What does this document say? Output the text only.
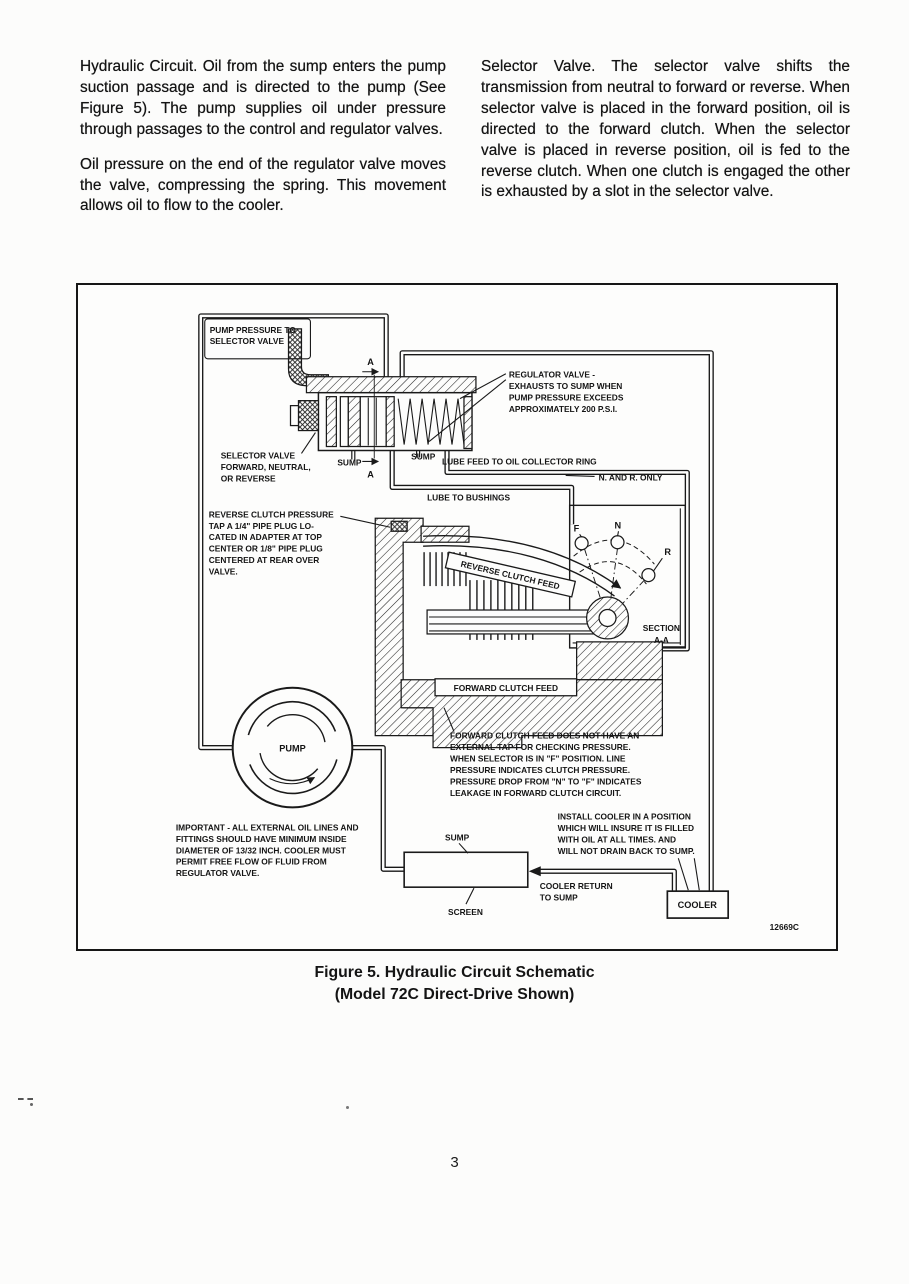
Hydraulic Circuit. Oil from the sump enters the pump suction passage and is directed to the pump (See Figure 5). The pump supplies oil under pressure through passages to the control and regulator valves.

Oil pressure on the end of the regulator valve moves the valve, compressing the spring. This movement allows oil to flow to the cooler.

Selector Valve. The selector valve shifts the transmission from neutral to forward or reverse. When selector valve is placed in the forward position, oil is directed to the forward clutch. When the selector valve is placed in reverse position, oil is fed to the reverse clutch. When one clutch is engaged the other is exhausted by a slot in the selector valve.

PUMP PRESSURE TO
SELECTOR VALVE
A
A
REVERSE CLUTCH FEED
FORWARD CLUTCH FEED
F	N
R
SECTION
A-A
PUMP
SUMP
SCREEN
COOLER
COOLER RETURN
TO SUMP
REGULATOR VALVE -
EXHAUSTS TO SUMP WHEN
PUMP PRESSURE EXCEEDS
APPROXIMATELY 200 P.S.I.
SELECTOR VALVE
FORWARD, NEUTRAL,
OR REVERSE
SUMP
SUMP LUBE FEED TO OIL COLLECTOR RING
N. AND R. ONLY
LUBE TO BUSHINGS
REVERSE CLUTCH PRESSURE
TAP A 1/4" PIPE PLUG LO-
CATED IN ADAPTER AT TOP
CENTER OR 1/8" PIPE PLUG
CENTERED AT REAR OVER
VALVE.
FORWARD CLUTCH FEED DOES NOT HAVE AN
EXTERNAL TAP FOR CHECKING PRESSURE.
WHEN SELECTOR IS IN "F" POSITION. LINE
PRESSURE INDICATES CLUTCH PRESSURE.
PRESSURE DROP FROM "N" TO "F" INDICATES
LEAKAGE IN FORWARD CLUTCH CIRCUIT.
IMPORTANT - ALL EXTERNAL OIL LINES AND
FITTINGS SHOULD HAVE MINIMUM INSIDE
DIAMETER OF 13/32 INCH. COOLER MUST
PERMIT FREE FLOW OF FLUID FROM
REGULATOR VALVE.
INSTALL COOLER IN A POSITION
WHICH WILL INSURE IT IS FILLED
WITH OIL AT ALL TIMES. AND
WILL NOT DRAIN BACK TO SUMP.
12669C
Figure 5. Hydraulic Circuit Schematic
(Model 72C Direct-Drive Shown)
3
